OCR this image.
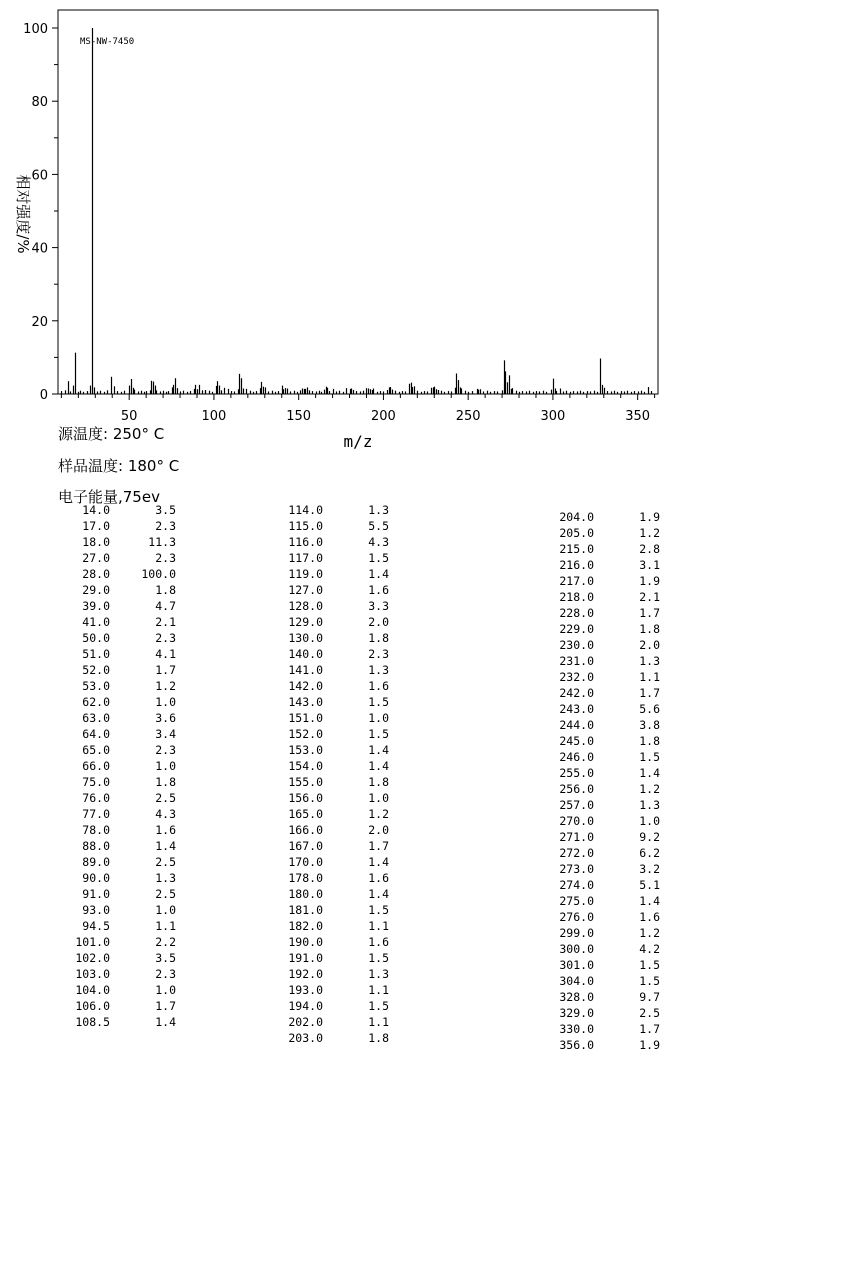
0
20
40
60
80
100
50	100	150	200	250	300	350
MS-NW-7450
m/z
相对强度/%
源温度: 250° C
样品温度: 180° C
电子能量,75ev
14.0	3.5
17.0	2.3
18.0	11.3
27.0	2.3
28.0	100.0
29.0	1.8
39.0	4.7
41.0	2.1
50.0	2.3
51.0	4.1
52.0	1.7
53.0	1.2
62.0	1.0
63.0	3.6
64.0	3.4
65.0	2.3
66.0	1.0
75.0	1.8
76.0	2.5
77.0	4.3
78.0	1.6
88.0	1.4
89.0	2.5
90.0	1.3
91.0	2.5
93.0	1.0
94.5	1.1
101.0	2.2
102.0	3.5
103.0	2.3
104.0	1.0
106.0	1.7
108.5	1.4
114.0	1.3
115.0	5.5
116.0	4.3
117.0	1.5
119.0	1.4
127.0	1.6
128.0	3.3
129.0	2.0
130.0	1.8
140.0	2.3
141.0	1.3
142.0	1.6
143.0	1.5
151.0	1.0
152.0	1.5
153.0	1.4
154.0	1.4
155.0	1.8
156.0	1.0
165.0	1.2
166.0	2.0
167.0	1.7
170.0	1.4
178.0	1.6
180.0	1.4
181.0	1.5
182.0	1.1
190.0	1.6
191.0	1.5
192.0	1.3
193.0	1.1
194.0	1.5
202.0	1.1
203.0	1.8
204.0	1.9
205.0	1.2
215.0	2.8
216.0	3.1
217.0	1.9
218.0	2.1
228.0	1.7
229.0	1.8
230.0	2.0
231.0	1.3
232.0	1.1
242.0	1.7
243.0	5.6
244.0	3.8
245.0	1.8
246.0	1.5
255.0	1.4
256.0	1.2
257.0	1.3
270.0	1.0
271.0	9.2
272.0	6.2
273.0	3.2
274.0	5.1
275.0	1.4
276.0	1.6
299.0	1.2
300.0	4.2
301.0	1.5
304.0	1.5
328.0	9.7
329.0	2.5
330.0	1.7
356.0	1.9
